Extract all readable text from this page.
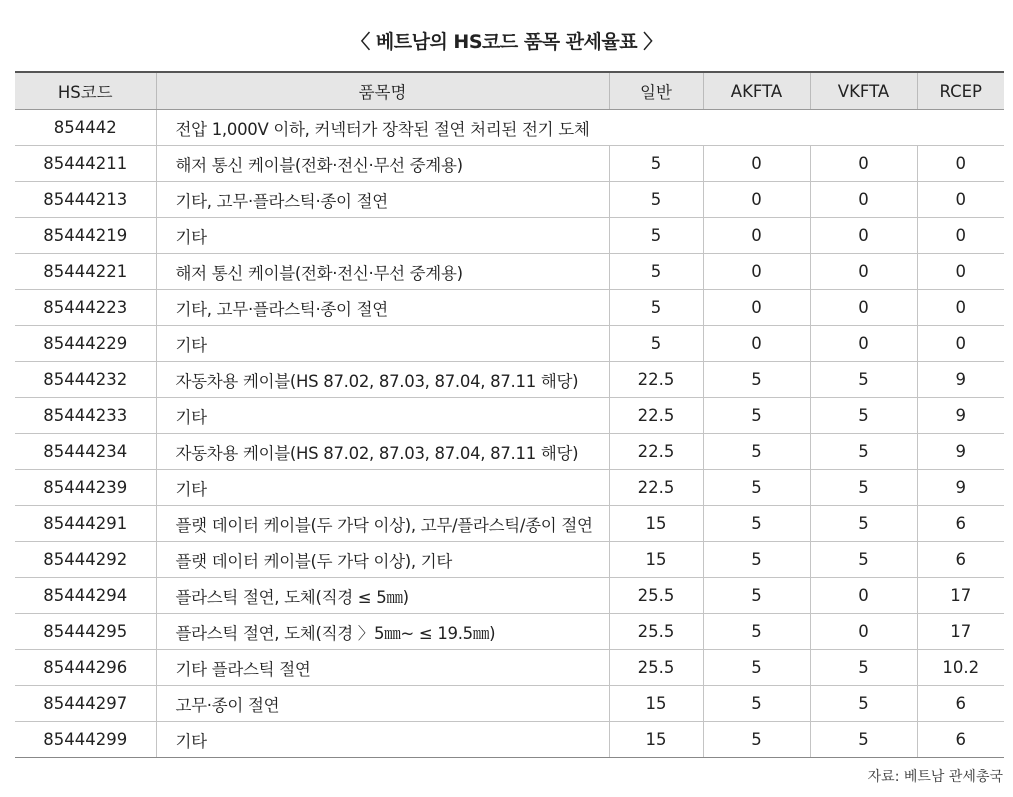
〈 베트남의 HS코드 품목 관세율표 〉
HS코드	품목명	일반	AKFTA	VKFTA	RCEP
854442	전압 1,000V 이하, 커넥터가 장착된 절연 처리된 전기 도체				
85444211	해저 통신 케이블(전화·전신·무선 중계용)	5	0	0	0
85444213	기타, 고무·플라스틱·종이 절연	5	0	0	0
85444219	기타	5	0	0	0
85444221	해저 통신 케이블(전화·전신·무선 중계용)	5	0	0	0
85444223	기타, 고무·플라스틱·종이 절연	5	0	0	0
85444229	기타	5	0	0	0
85444232	자동차용 케이블(HS 87.02, 87.03, 87.04, 87.11 해당)	22.5	5	5	9
85444233	기타	22.5	5	5	9
85444234	자동차용 케이블(HS 87.02, 87.03, 87.04, 87.11 해당)	22.5	5	5	9
85444239	기타	22.5	5	5	9
85444291	플랫 데이터 케이블(두 가닥 이상), 고무/플라스틱/종이 절연	15	5	5	6
85444292	플랫 데이터 케이블(두 가닥 이상), 기타	15	5	5	6
85444294	플라스틱 절연, 도체(직경 ≤ 5㎜)	25.5	5	0	17
85444295	플라스틱 절연, 도체(직경 〉5㎜~ ≤ 19.5㎜)	25.5	5	0	17
85444296	기타 플라스틱 절연	25.5	5	5	10.2
85444297	고무·종이 절연	15	5	5	6
85444299	기타	15	5	5	6
자료: 베트남 관세총국
